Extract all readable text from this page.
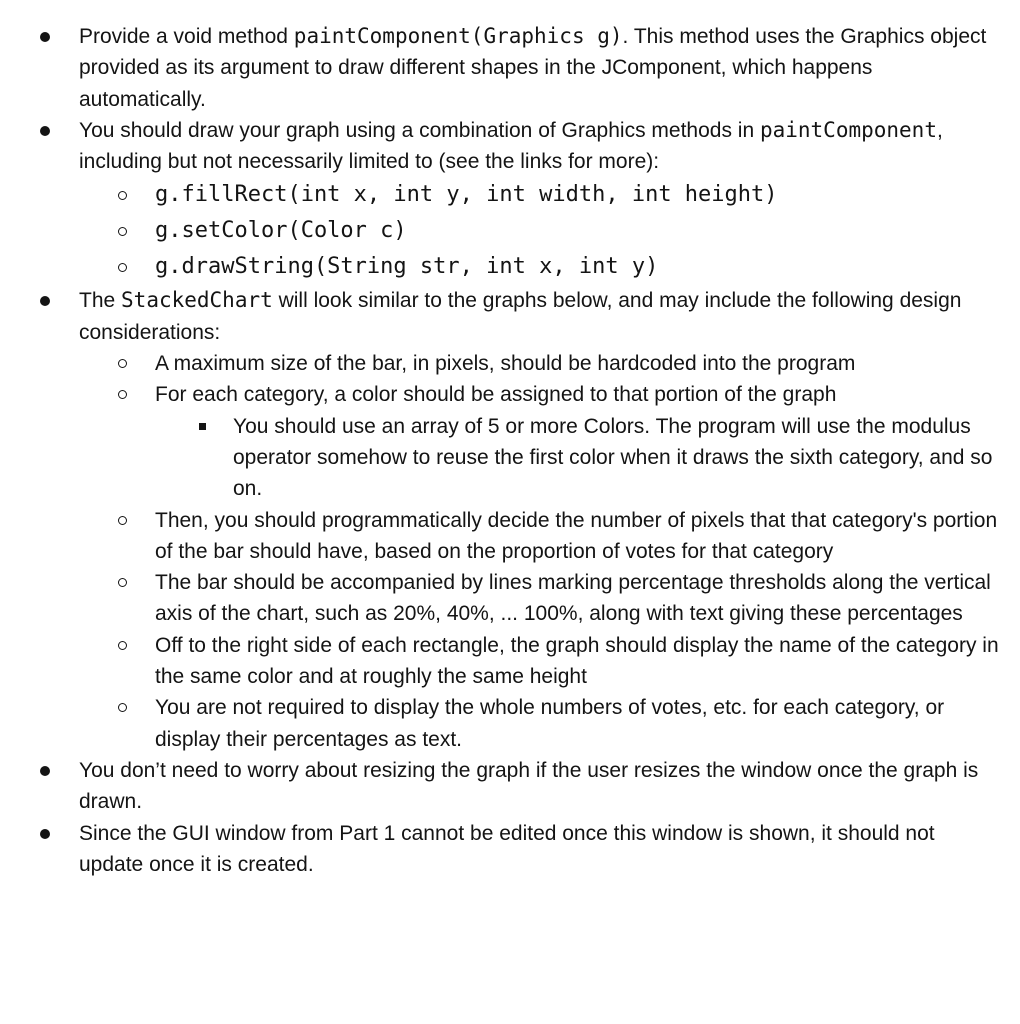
Provide a void method paintComponent(Graphics g). This method uses the Graphics object provided as its argument to draw different shapes in the JComponent, which happens automatically.
You should draw your graph using a combination of Graphics methods in paintComponent, including but not necessarily limited to (see the links for more):
g.fillRect(int x, int y, int width, int height)
g.setColor(Color c)
g.drawString(String str, int x, int y)
The StackedChart will look similar to the graphs below, and may include the following design considerations:
A maximum size of the bar, in pixels, should be hardcoded into the program
For each category, a color should be assigned to that portion of the graph
You should use an array of 5 or more Colors. The program will use the modulus operator somehow to reuse the first color when it draws the sixth category, and so on.
Then, you should programmatically decide the number of pixels that that category's portion of the bar should have, based on the proportion of votes for that category
The bar should be accompanied by lines marking percentage thresholds along the vertical axis of the chart, such as 20%, 40%, ... 100%, along with text giving these percentages
Off to the right side of each rectangle, the graph should display the name of the category in the same color and at roughly the same height
You are not required to display the whole numbers of votes, etc. for each category, or display their percentages as text.
You don’t need to worry about resizing the graph if the user resizes the window once the graph is drawn.
Since the GUI window from Part 1 cannot be edited once this window is shown, it should not update once it is created.
